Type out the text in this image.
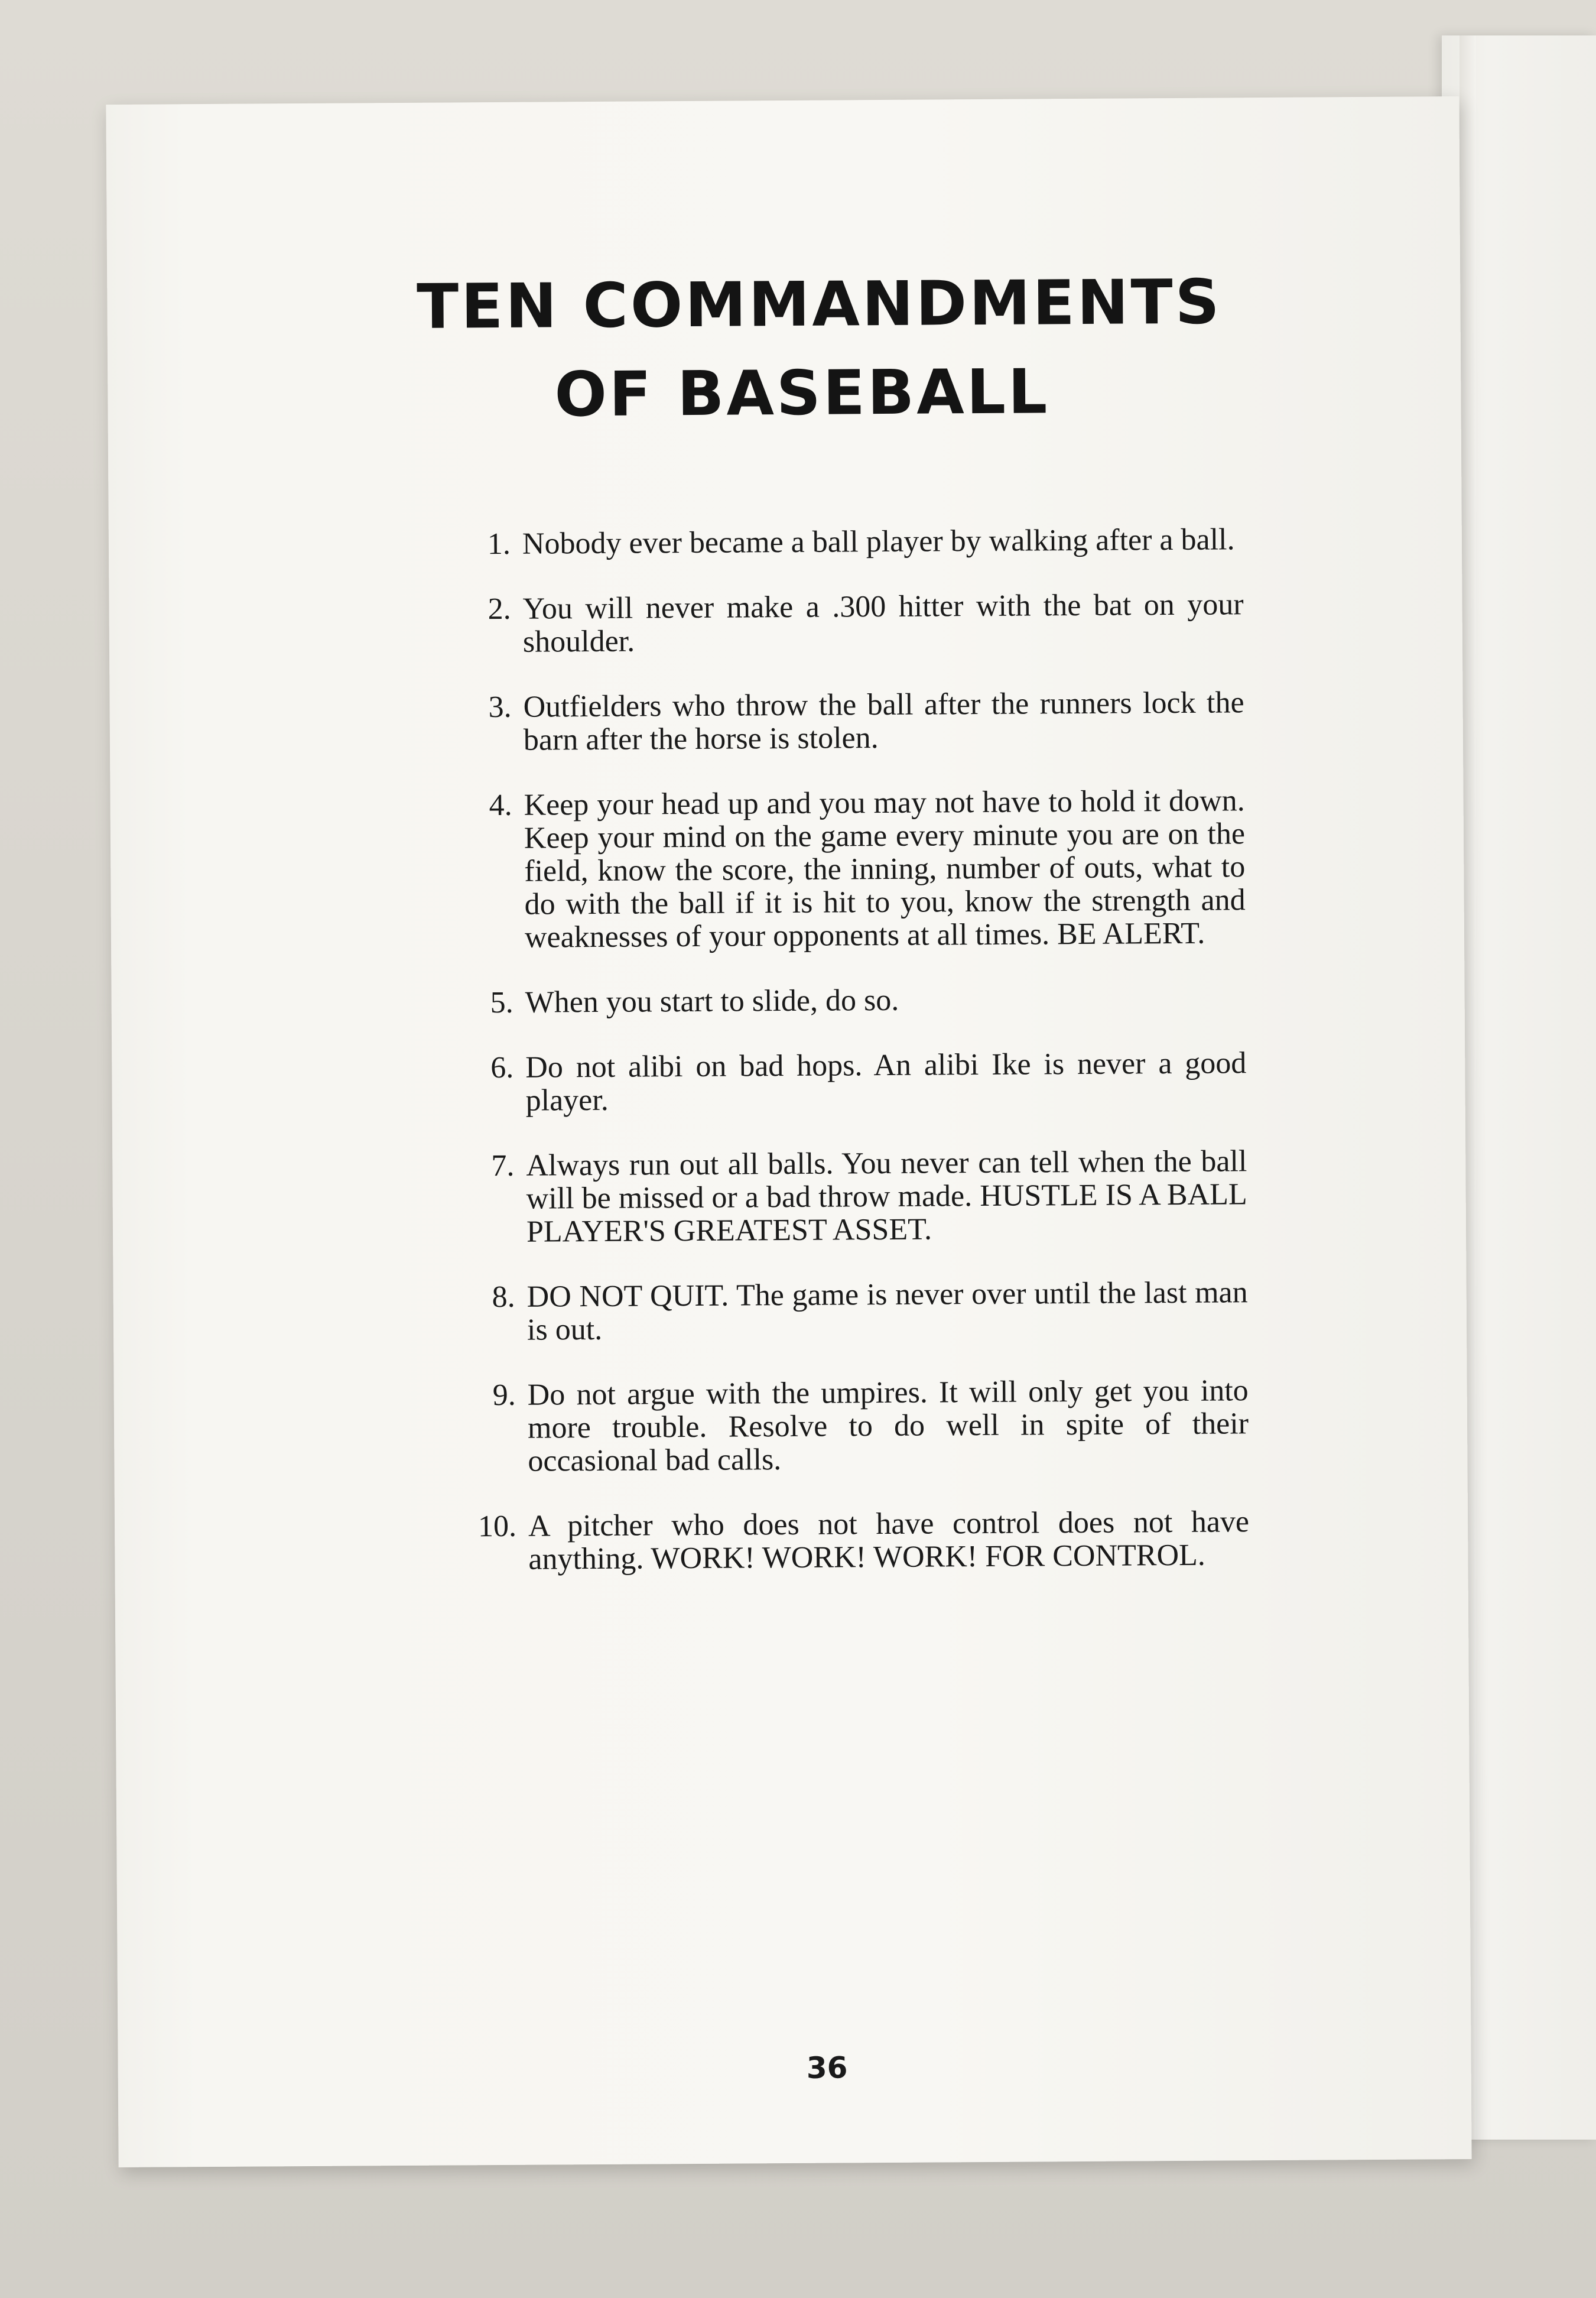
TEN COMMANDMENTS
OF BASEBALL
1. Nobody ever became a ball player by walking after a ball.
2. You will never make a .300 hitter with the bat on your shoulder.
3. Outfielders who throw the ball after the runners lock the barn after the horse is stolen.
4. Keep your head up and you may not have to hold it down. Keep your mind on the game every minute you are on the field, know the score, the inning, number of outs, what to do with the ball if it is hit to you, know the strength and weaknesses of your opponents at all times. BE ALERT.
5. When you start to slide, do so.
6. Do not alibi on bad hops. An alibi Ike is never a good player.
7. Always run out all balls. You never can tell when the ball will be missed or a bad throw made. HUSTLE IS A BALL PLAYER'S GREATEST ASSET.
8. DO NOT QUIT. The game is never over until the last man is out.
9. Do not argue with the umpires. It will only get you into more trouble. Resolve to do well in spite of their occasional bad calls.
10. A pitcher who does not have control does not have anything. WORK! WORK! WORK! FOR CONTROL.
36
